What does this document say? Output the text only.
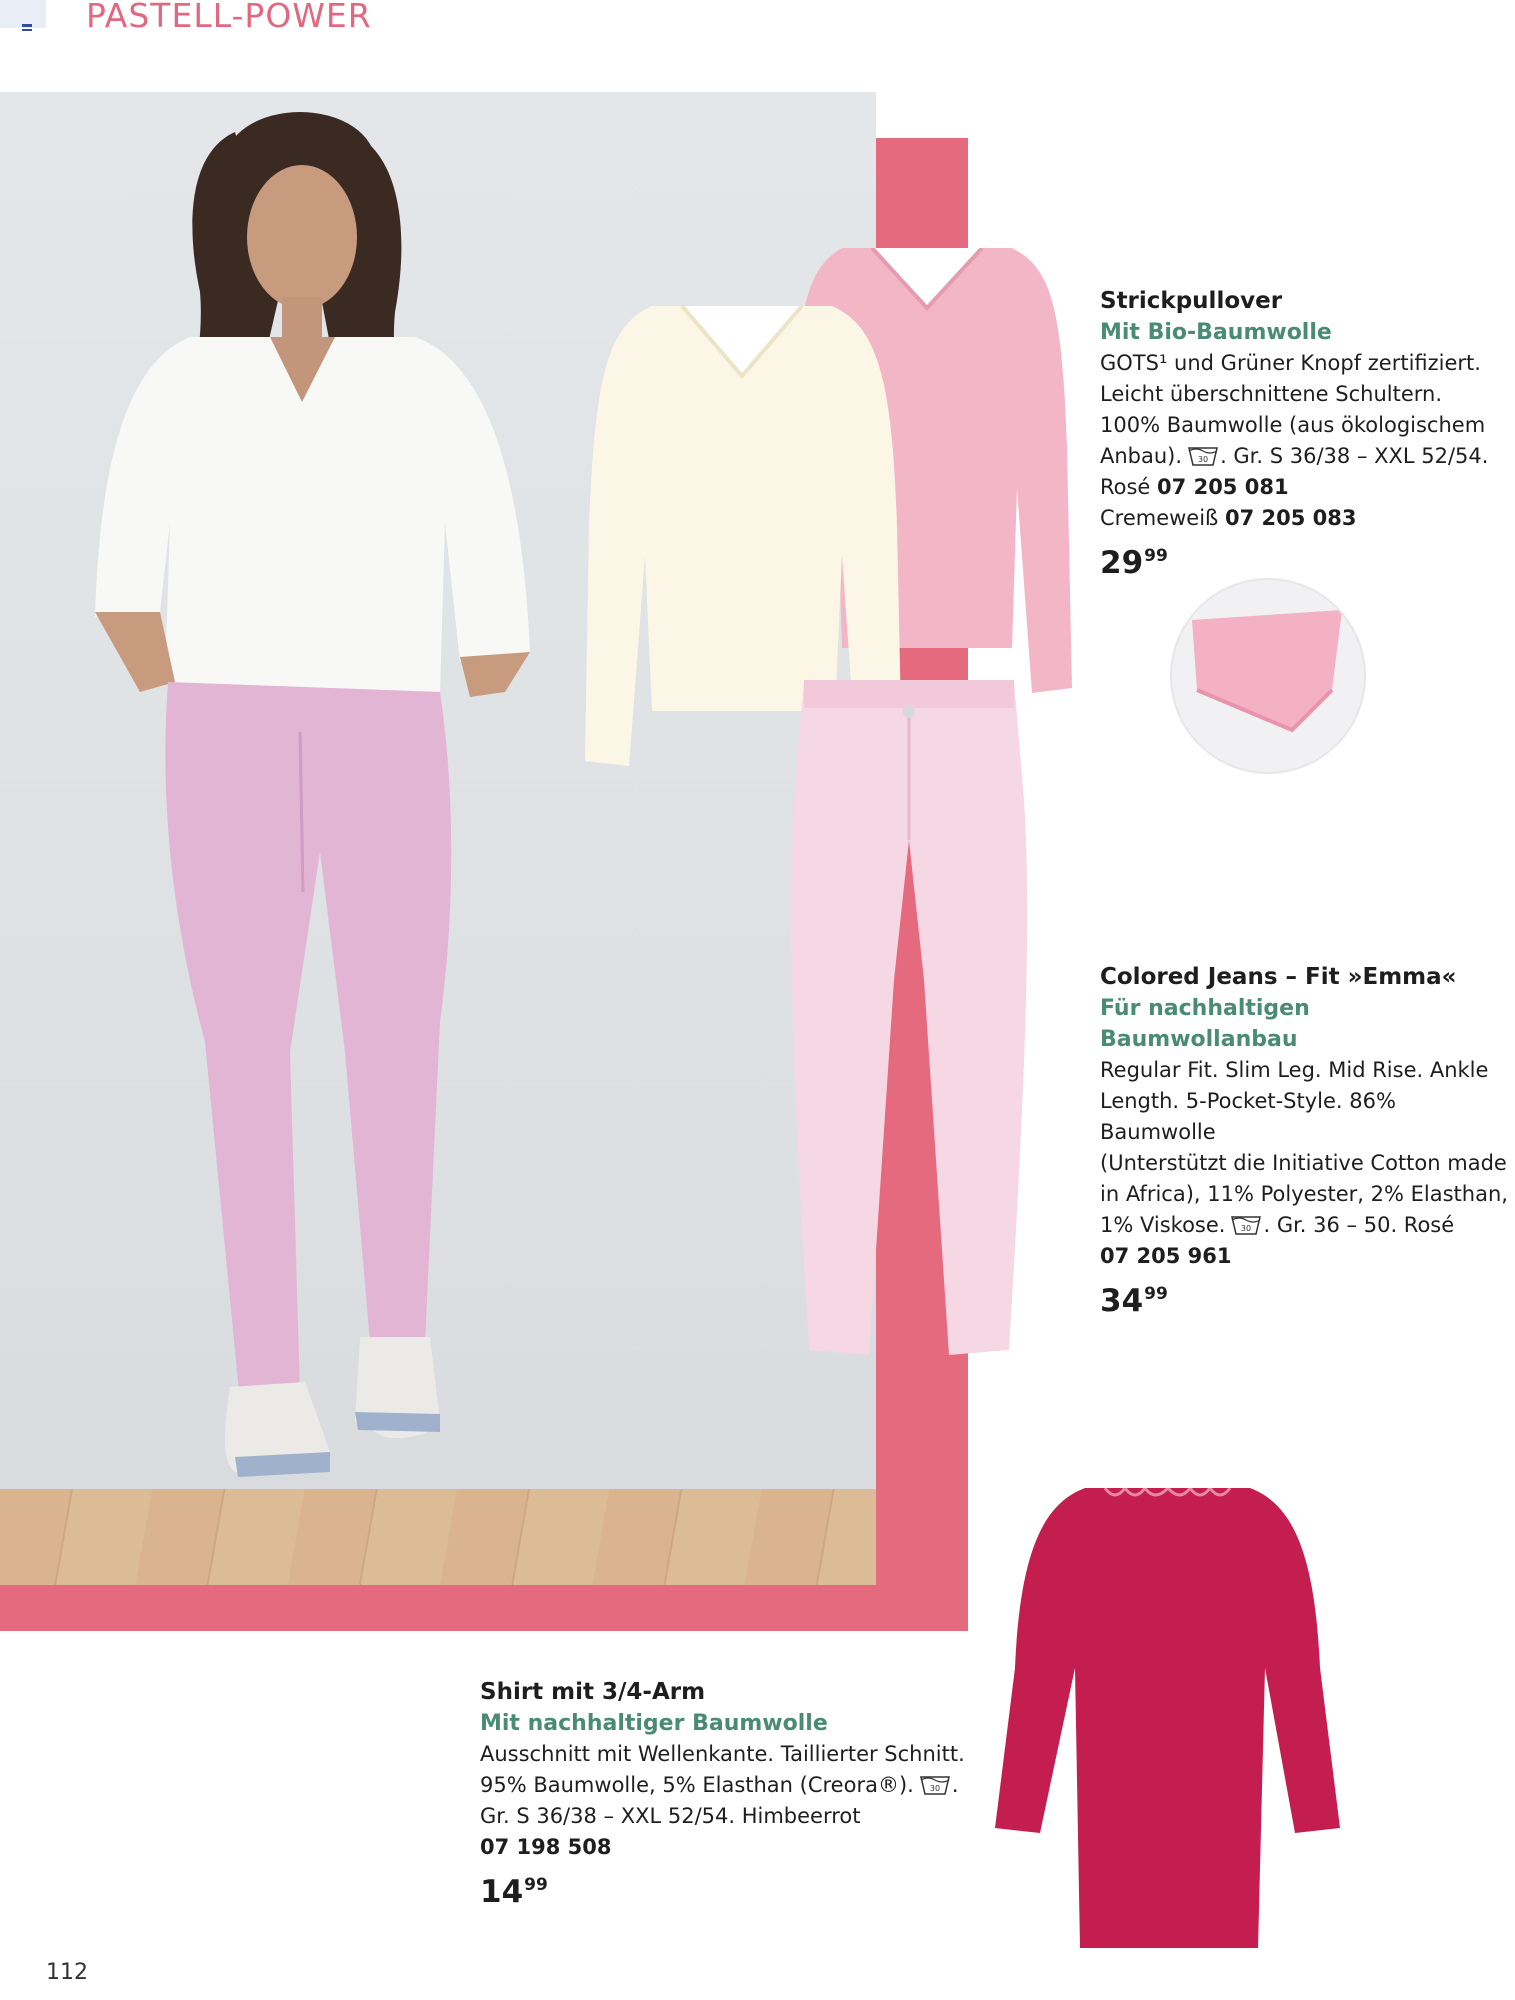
PASTELL-POWER
Strickpullover
Mit Bio-Baumwolle
GOTS¹ und Grüner Knopf zertifiziert.
Leicht überschnittene Schultern.
100% Baumwolle (aus ökologischem
Anbau). 30 . Gr. S 36/38 – XXL 52/54.
Rosé 07 205 081
Cremeweiß 07 205 083
$29^{99}$
Colored Jeans – Fit »Emma«
Für nachhaltigen Baumwollanbau
Regular Fit. Slim Leg. Mid Rise. Ankle
Length. 5-Pocket-Style. 86% Baumwolle
(Unterstützt die Initiative Cotton made
in Africa), 11% Polyester, 2% Elasthan,
1% Viskose. 30 . Gr. 36 – 50. Rosé
07 205 961
$34^{99}$
Shirt mit 3/4-Arm
Mit nachhaltiger Baumwolle
Ausschnitt mit Wellenkante. Taillierter Schnitt.
95% Baumwolle, 5% Elasthan (Creora®). 30 .
Gr. S 36/38 – XXL 52/54. Himbeerrot
07 198 508
$14^{99}$
112
